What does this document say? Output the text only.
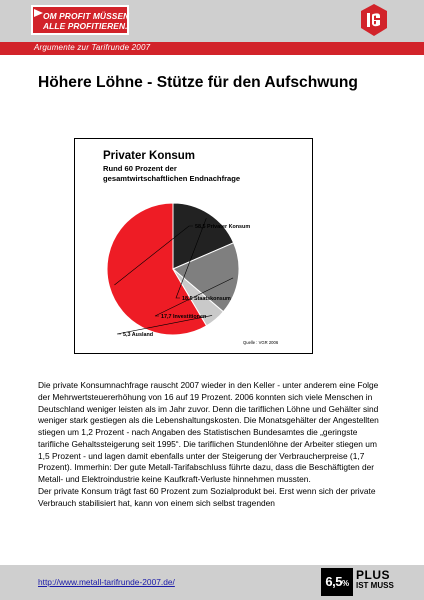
OM PROFIT MÜSSEN
ALLE PROFITIEREN.
Argumente zur Tarifrunde 2007
Höhere Löhne - Stütze für den Aufschwung
Privater Konsum
Rund 60 Prozent der
gesamtwirtschaftlichen Endnachfrage
58,5 Privater Konsum
18,5 Staatskonsum
17,7 Investitionen
5,3 Ausland
Quelle : VGR 2006

Die private Konsumnachfrage rauscht 2007 wieder in den Keller - unter anderem eine Folge der Mehrwertsteuererhöhung von 16 auf 19 Prozent. 2006 konnten sich viele Menschen in Deutschland weniger leisten als im Jahr zuvor. Denn die tariflichen Löhne und Gehälter sind weniger stark gestiegen als die Lebenshaltungskosten. Die Monatsgehälter der Angestellten stiegen um 1,2 Prozent - nach Angaben des Statistischen Bundesamtes die „geringste tarifliche Gehaltssteigerung seit 1995“. Die tariflichen Stundenlöhne der Arbeiter stiegen um 1,5 Prozent - und lagen damit ebenfalls unter der Steigerung der Verbraucherpreise (1,7 Prozent). Immerhin: Der gute Metall-Tarifabschluss führte dazu, dass die Beschäftigten der Metall- und Elektroindustrie keine Kaufkraft-Verluste hinnehmen mussten.

Der private Konsum trägt fast 60 Prozent zum Sozialprodukt bei. Erst wenn sich der private Verbrauch stabilisiert hat, kann von einem sich selbst tragenden

http://www.metall-tarifrunde-2007.de/	6,5%
PLUS
IST MUSS
